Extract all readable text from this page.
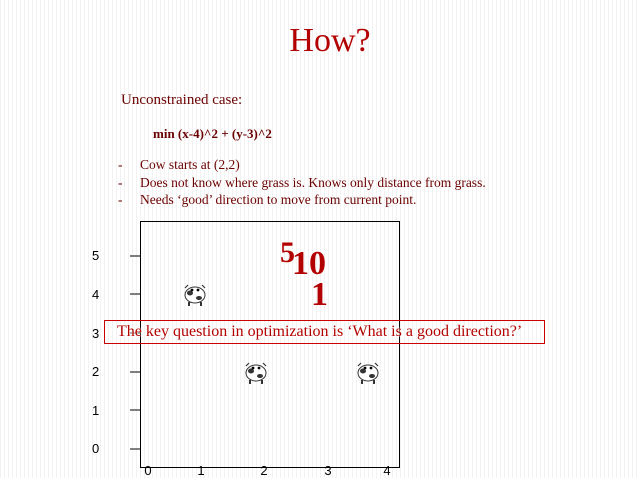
How?
Unconstrained case:
min (x-4)^2 + (y-3)^2
- Cow starts at (2,2)
- Does not know where grass is. Knows only distance from grass.
- Needs ‘good’ direction to move from current point.
5
4
3
2
1
0
0	1	2	3	4
5
10
1
The key question in optimization is ‘What is a good direction?’
